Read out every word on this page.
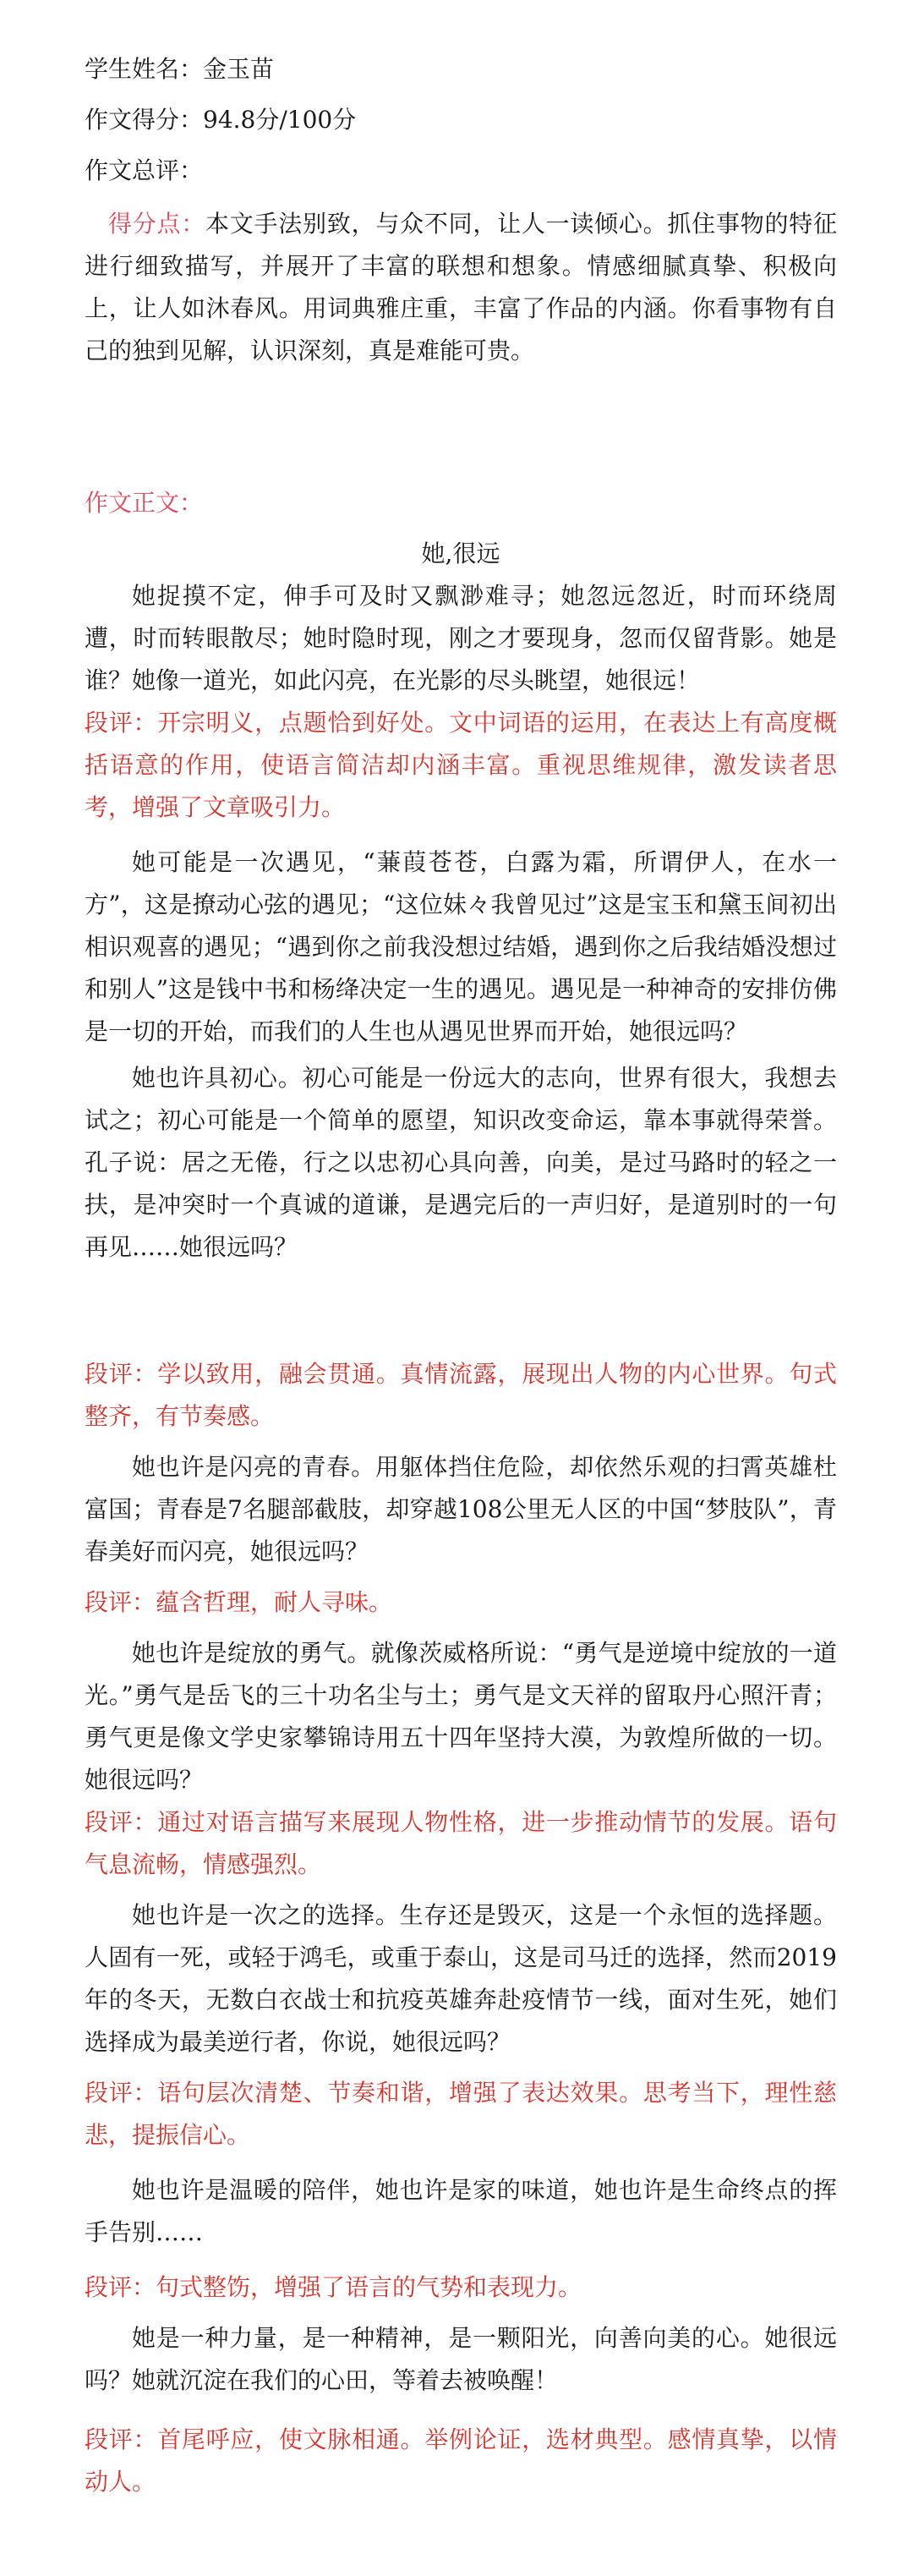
学生姓名：金玉苗
作文得分：94.8分/100分
作文总评：

得分点：本文手法别致，与众不同，让人一读倾心。抓住事物的特征进行细致描写，并展开了丰富的联想和想象。情感细腻真挚、积极向上，让人如沐春风。用词典雅庄重，丰富了作品的内涵。你看事物有自己的独到见解，认识深刻，真是难能可贵。

作文正文：
她,很远

她捉摸不定，伸手可及时又飘渺难寻；她忽远忽近，时而环绕周遭，时而转眼散尽；她时隐时现，刚之才要现身，忽而仅留背影。她是谁？她像一道光，如此闪亮，在光影的尽头眺望，她很远！

段评：开宗明义，点题恰到好处。文中词语的运用，在表达上有高度概括语意的作用，使语言简洁却内涵丰富。重视思维规律，激发读者思考，增强了文章吸引力。

她可能是一次遇见，“蒹葭苍苍，白露为霜，所谓伊人，在水一方”，这是撩动心弦的遇见；“这位妹々我曾见过”这是宝玉和黛玉间初出相识观喜的遇见；“遇到你之前我没想过结婚，遇到你之后我结婚没想过和别人”这是钱中书和杨绛决定一生的遇见。遇见是一种神奇的安排仿佛是一切的开始，而我们的人生也从遇见世界而开始，她很远吗？

她也许具初心。初心可能是一份远大的志向，世界有很大，我想去试之；初心可能是一个简单的愿望，知识改变命运，靠本事就得荣誉。孔子说：居之无倦，行之以忠初心具向善，向美，是过马路时的轻之一扶，是冲突时一个真诚的道谦，是遇完后的一声归好，是道别时的一句再见……她很远吗？

段评：学以致用，融会贯通。真情流露，展现出人物的内心世界。句式整齐，有节奏感。

她也许是闪亮的青春。用躯体挡住危险，却依然乐观的扫霄英雄杜富国；青春是7名腿部截肢，却穿越108公里无人区的中国“梦肢队”，青春美好而闪亮，她很远吗？

段评：蕴含哲理，耐人寻味。

她也许是绽放的勇气。就像茨威格所说：“勇气是逆境中绽放的一道光。”勇气是岳飞的三十功名尘与土；勇气是文天祥的留取丹心照汗青；勇气更是像文学史家攀锦诗用五十四年坚持大漠，为敦煌所做的一切。她很远吗？

段评：通过对语言描写来展现人物性格，进一步推动情节的发展。语句气息流畅，情感强烈。

她也许是一次之的选择。生存还是毁灭，这是一个永恒的选择题。人固有一死，或轻于鸿毛，或重于泰山，这是司马迁的选择，然而2019年的冬天，无数白衣战士和抗疫英雄奔赴疫情节一线，面对生死，她们选择成为最美逆行者，你说，她很远吗？

段评：语句层次清楚、节奏和谐，增强了表达效果。思考当下，理性慈悲，提振信心。

她也许是温暖的陪伴，她也许是家的味道，她也许是生命终点的挥手告别……

段评：句式整饬，增强了语言的气势和表现力。

她是一种力量，是一种精神，是一颗阳光，向善向美的心。她很远吗？她就沉淀在我们的心田，等着去被唤醒！

段评：首尾呼应，使文脉相通。举例论证，选材典型。感情真挚，以情动人。
